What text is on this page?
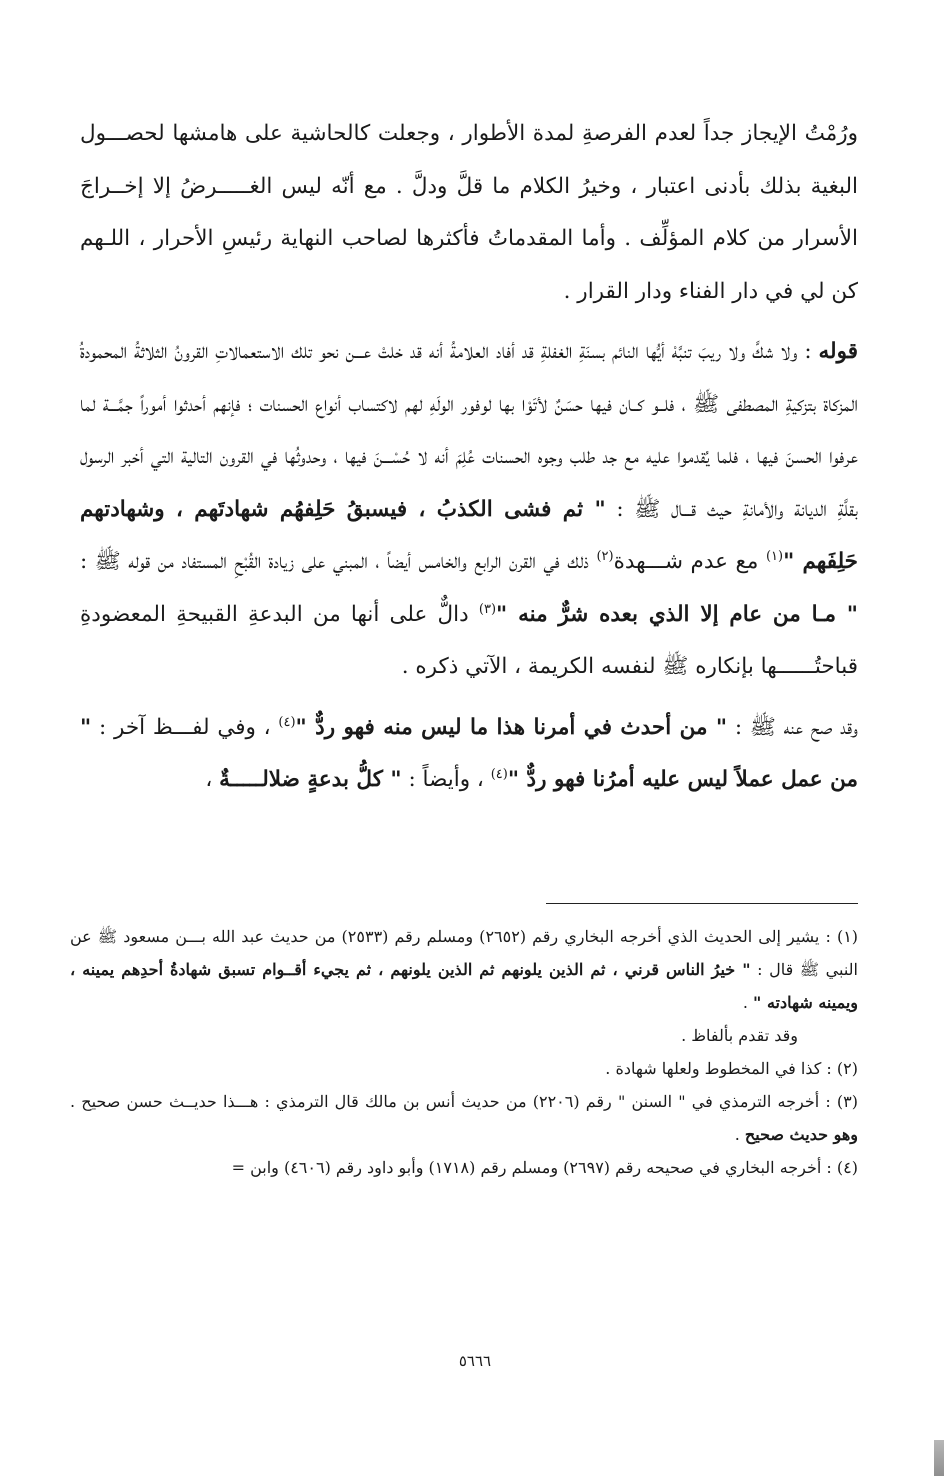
ورُمْتُ الإيجاز جداً لعدم الفرصةِ لمدة الأطوار ، وجعلت كالحاشية على هامشها لحصـــول البغية بذلك بأدنى اعتبار ، وخيرُ الكلام ما قلَّ ودلَّ . مع أنّه ليس الغـــــرضُ إلا إخــراجَ الأسرار من كلام المؤلِّف . وأما المقدماتُ فأكثرها لصاحب النهاية رئيسِ الأحرار ، اللـهم كن لي في دار الفناء ودار القرار .

قوله : ولا شكَّ ولا ريبَ تنبَّهْ أيُّها النائم بسنَةِ الغفلةِ قد أفاد العلامةُ أنه قد خلتْ عـــن نحو تلك الاستعمالاتِ القرونُ الثلاثةُ المحمودةُ المزكاة بتزكيةِ المصطفى ﷺ ، فلــو كــان فيها حسَنٌ لأتَوْا بها لوفور الولَهِ لهم لاكتساب أنواع الحسنات ؛ فإنهم أحدثوا أموراً جمَّـــة لما عرفوا الحسنَ فيها ، فلما يُقدموا عليه مع جد طلب وجوه الحسنات عُلِمَ أنه لا حُسْـــنَ فيها ، وحدوثُها في القرون التالية التي أخبر الرسول بقلَّةِ الديانة والأمانةِ حيث قـــال ﷺ : " ثم فشى الكذبُ ، فيسبقُ حَلِفهُم شهادتَهم ، وشهادتهم حَلِفَهم "$^{(١)}$ مع عدم شـــهدة$^{(٢)}$ ذلك في القرن الرابع والخامس أيضاً ، المبني على زيادة القُبْحِ المستفاد من قوله ﷺ : " مـا من عام إلا الذي بعده شرٌّ منه "$^{(٣)}$ دالٌّ على أنها من البدعةِ القبيحةِ المعضودةِ قباحتُــــــها بإنكاره ﷺ لنفسه الكريمة ، الآتي ذكره .

وقد صح عنه ﷺ : " من أحدث في أمرنا هذا ما ليس منه فهو ردٌّ "$^{(٤)}$ ، وفي لفـــظ آخر : " من عمل عملاً ليس عليه أمرُنا فهو ردٌّ "$^{(٤)}$ ، وأيضاً : " كلُّ بدعةٍ ضلالـــــةٌ ،

(١) : يشير إلى الحديث الذي أخرجه البخاري رقم (٢٦٥٢) ومسلم رقم (٢٥٣٣) من حديث عبد الله بـــن مسعود ﷺ عن النبي ﷺ قال : " خيرُ الناس قرني ، ثم الذين يلونهم ثم الذين يلونهم ، ثم يجيء أقــوام تسبق شهادةُ أحدِهم يمينه ، ويمينه شهادته " .

وقد تقدم بألفاظ .

(٢) : كذا في المخطوط ولعلها شهادة .

(٣) : أخرجه الترمذي في " السنن " رقم (٢٢٠٦) من حديث أنس بن مالك قال الترمذي : هـــذا حديــث حسن صحيح . وهو حديث صحيح .

(٤) : أخرجه البخاري في صحيحه رقم (٢٦٩٧) ومسلم رقم (١٧١٨) وأبو داود رقم (٤٦٠٦) وابن =

٥٦٦٦
